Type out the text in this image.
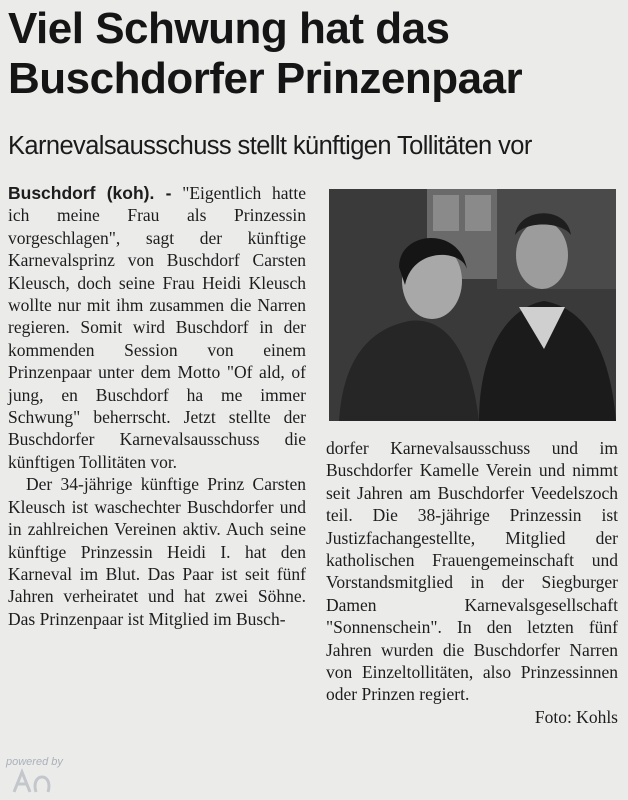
Viel Schwung hat das Buschdorfer Prinzenpaar
Karnevalsausschuss stellt künftigen Tollitäten vor

Buschdorf (koh). - "Eigentlich hatte ich meine Frau als Prinzessin vorgeschlagen", sagt der künftige Karnevalsprinz von Buschdorf Carsten Kleusch, doch seine Frau Heidi Kleusch wollte nur mit ihm zusammen die Narren regieren. Somit wird Buschdorf in der kommenden Session von einem Prinzenpaar unter dem Motto "Of ald, of jung, en Buschdorf ha me immer Schwung" beherrscht. Jetzt stellte der Buschdorfer Karnevalsausschuss die künftigen Tollitäten vor.

Der 34-jährige künftige Prinz Carsten Kleusch ist waschechter Buschdorfer und in zahlreichen Vereinen aktiv. Auch seine künftige Prinzessin Heidi I. hat den Karneval im Blut. Das Paar ist seit fünf Jahren verheiratet und hat zwei Söhne. Das Prinzenpaar ist Mitglied im Busch-

dorfer Karnevalsausschuss und im Buschdorfer Kamelle Verein und nimmt seit Jahren am Buschdorfer Veedelszoch teil. Die 38-jährige Prinzessin ist Justizfachangestellte, Mitglied der katholischen Frauengemeinschaft und Vorstandsmitglied in der Siegburger Damen Karnevalsgesellschaft "Sonnenschein". In den letzten fünf Jahren wurden die Buschdorfer Narren von Einzeltollitäten, also Prinzessinnen oder Prinzen regiert.

Foto: Kohls

powered by
